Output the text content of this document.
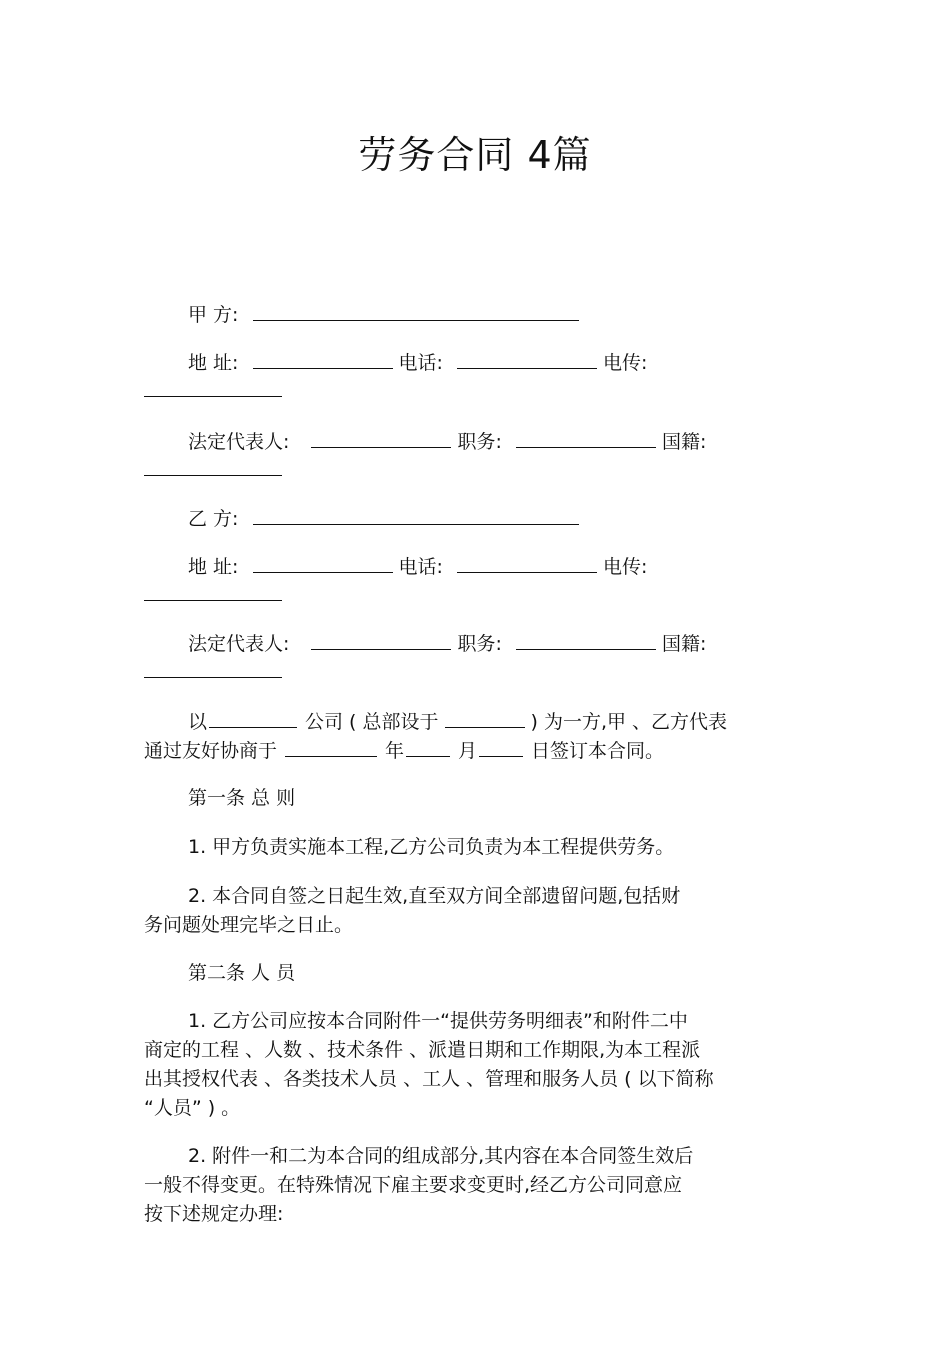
劳务合同 4篇
甲 方:
地 址:	电话:	电传:
法定代表人:	职务:	国籍:
乙 方:
地 址:	电话:	电传:
法定代表人:	职务:	国籍:
以	公司 ( 总部设于	) 为一方,甲 、乙方代表
通过友好协商于	年	月	日签订本合同。
第一条 总 则
1. 甲方负责实施本工程,乙方公司负责为本工程提供劳务。
2. 本合同自签之日起生效,直至双方间全部遗留问题,包括财
务问题处理完毕之日止。
第二条 人 员
1. 乙方公司应按本合同附件一“提供劳务明细表”和附件二中
商定的工程 、人数 、技术条件 、派遣日期和工作期限,为本工程派
出其授权代表 、各类技术人员 、工人 、管理和服务人员 ( 以下简称
“人员” ) 。
2. 附件一和二为本合同的组成部分,其内容在本合同签生效后
一般不得变更。在特殊情况下雇主要求变更时,经乙方公司同意应
按下述规定办理:
